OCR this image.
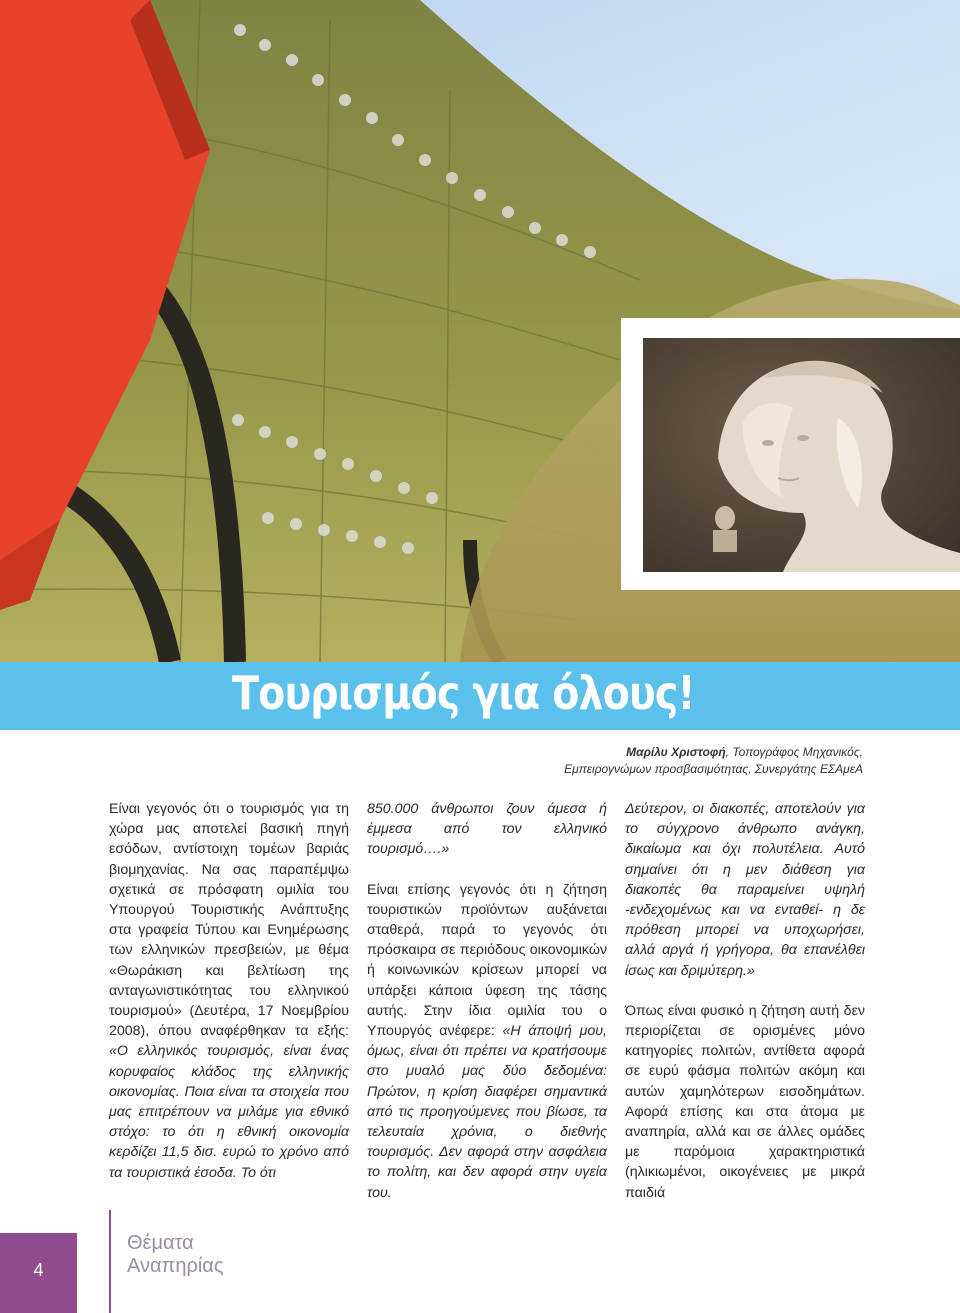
Τουρισμός για όλους!
Μαρίλυ Χριστοφή, Τοπογράφος Μηχανικός,
Εμπειρογνώμων προσβασιμότητας, Συνεργάτης ΕΣΑμεΑ

Είναι γεγονός ότι ο τουρισμός για τη χώρα μας αποτελεί βασική πηγή εσόδων, αντίστοιχη τομέων βαριάς βιομηχανίας. Να σας παραπέμψω σχετικά σε πρόσφατη ομιλία του Υπουργού Τουριστικής Ανάπτυξης στα γραφεία Τύπου και Ενημέρωσης των ελληνικών πρεσβειών, με θέμα «Θωράκιση και βελτίωση της ανταγωνιστικότητας του ελληνικού τουρισμού» (Δευτέρα, 17 Νοεμβρίου 2008), όπου αναφέρθηκαν τα εξής: «Ο ελληνικός τουρισμός, είναι ένας κορυφαίος κλάδος της ελληνικής οικονομίας. Ποια είναι τα στοιχεία που μας επιτρέπουν να μιλάμε για εθνικό στόχο: το ότι η εθνική οικονομία κερδίζει 11,5 δισ. ευρώ το χρόνο από τα τουριστικά έσοδα. Το ότι

850.000 άνθρωποι ζουν άμεσα ή έμμεσα από τον ελληνικό τουρισμό….»

Είναι επίσης γεγονός ότι η ζήτηση τουριστικών προϊόντων αυξάνεται σταθερά, παρά το γεγονός ότι πρόσκαιρα σε περιόδους οικονομικών ή κοινωνικών κρίσεων μπορεί να υπάρξει κάποια ύφεση της τάσης αυτής. Στην ίδια ομιλία του ο Υπουργός ανέφερε: «Η άποψή μου, όμως, είναι ότι πρέπει να κρατήσουμε στο μυαλό μας δύο δεδομένα: Πρώτον, η κρίση διαφέρει σημαντικά από τις προηγούμενες που βίωσε, τα τελευταία χρόνια, ο διεθνής τουρισμός. Δεν αφορά στην ασφάλεια το πολίτη, και δεν αφορά στην υγεία του.

Δεύτερον, οι διακοπές, αποτελούν για το σύγχρονο άνθρωπο ανάγκη, δικαίωμα και όχι πολυτέλεια. Αυτό σημαίνει ότι η μεν διάθεση για διακοπές θα παραμείνει υψηλή -ενδεχομένως και να ενταθεί- η δε πρόθεση μπορεί να υποχωρήσει, αλλά αργά ή γρήγορα, θα επανέλθει ίσως και δριμύτερη.»

Όπως είναι φυσικό η ζήτηση αυτή δεν περιορίζεται σε ορισμένες μόνο κατηγορίες πολιτών, αντίθετα αφορά σε ευρύ φάσμα πολιτών ακόμη και αυτών χαμηλότερων εισοδημάτων. Αφορά επίσης και στα άτομα με αναπηρία, αλλά και σε άλλες ομάδες με παρόμοια χαρακτηριστικά (ηλικιωμένοι, οικογένειες με μικρά παιδιά

4
Θέματα
Αναπηρίας
